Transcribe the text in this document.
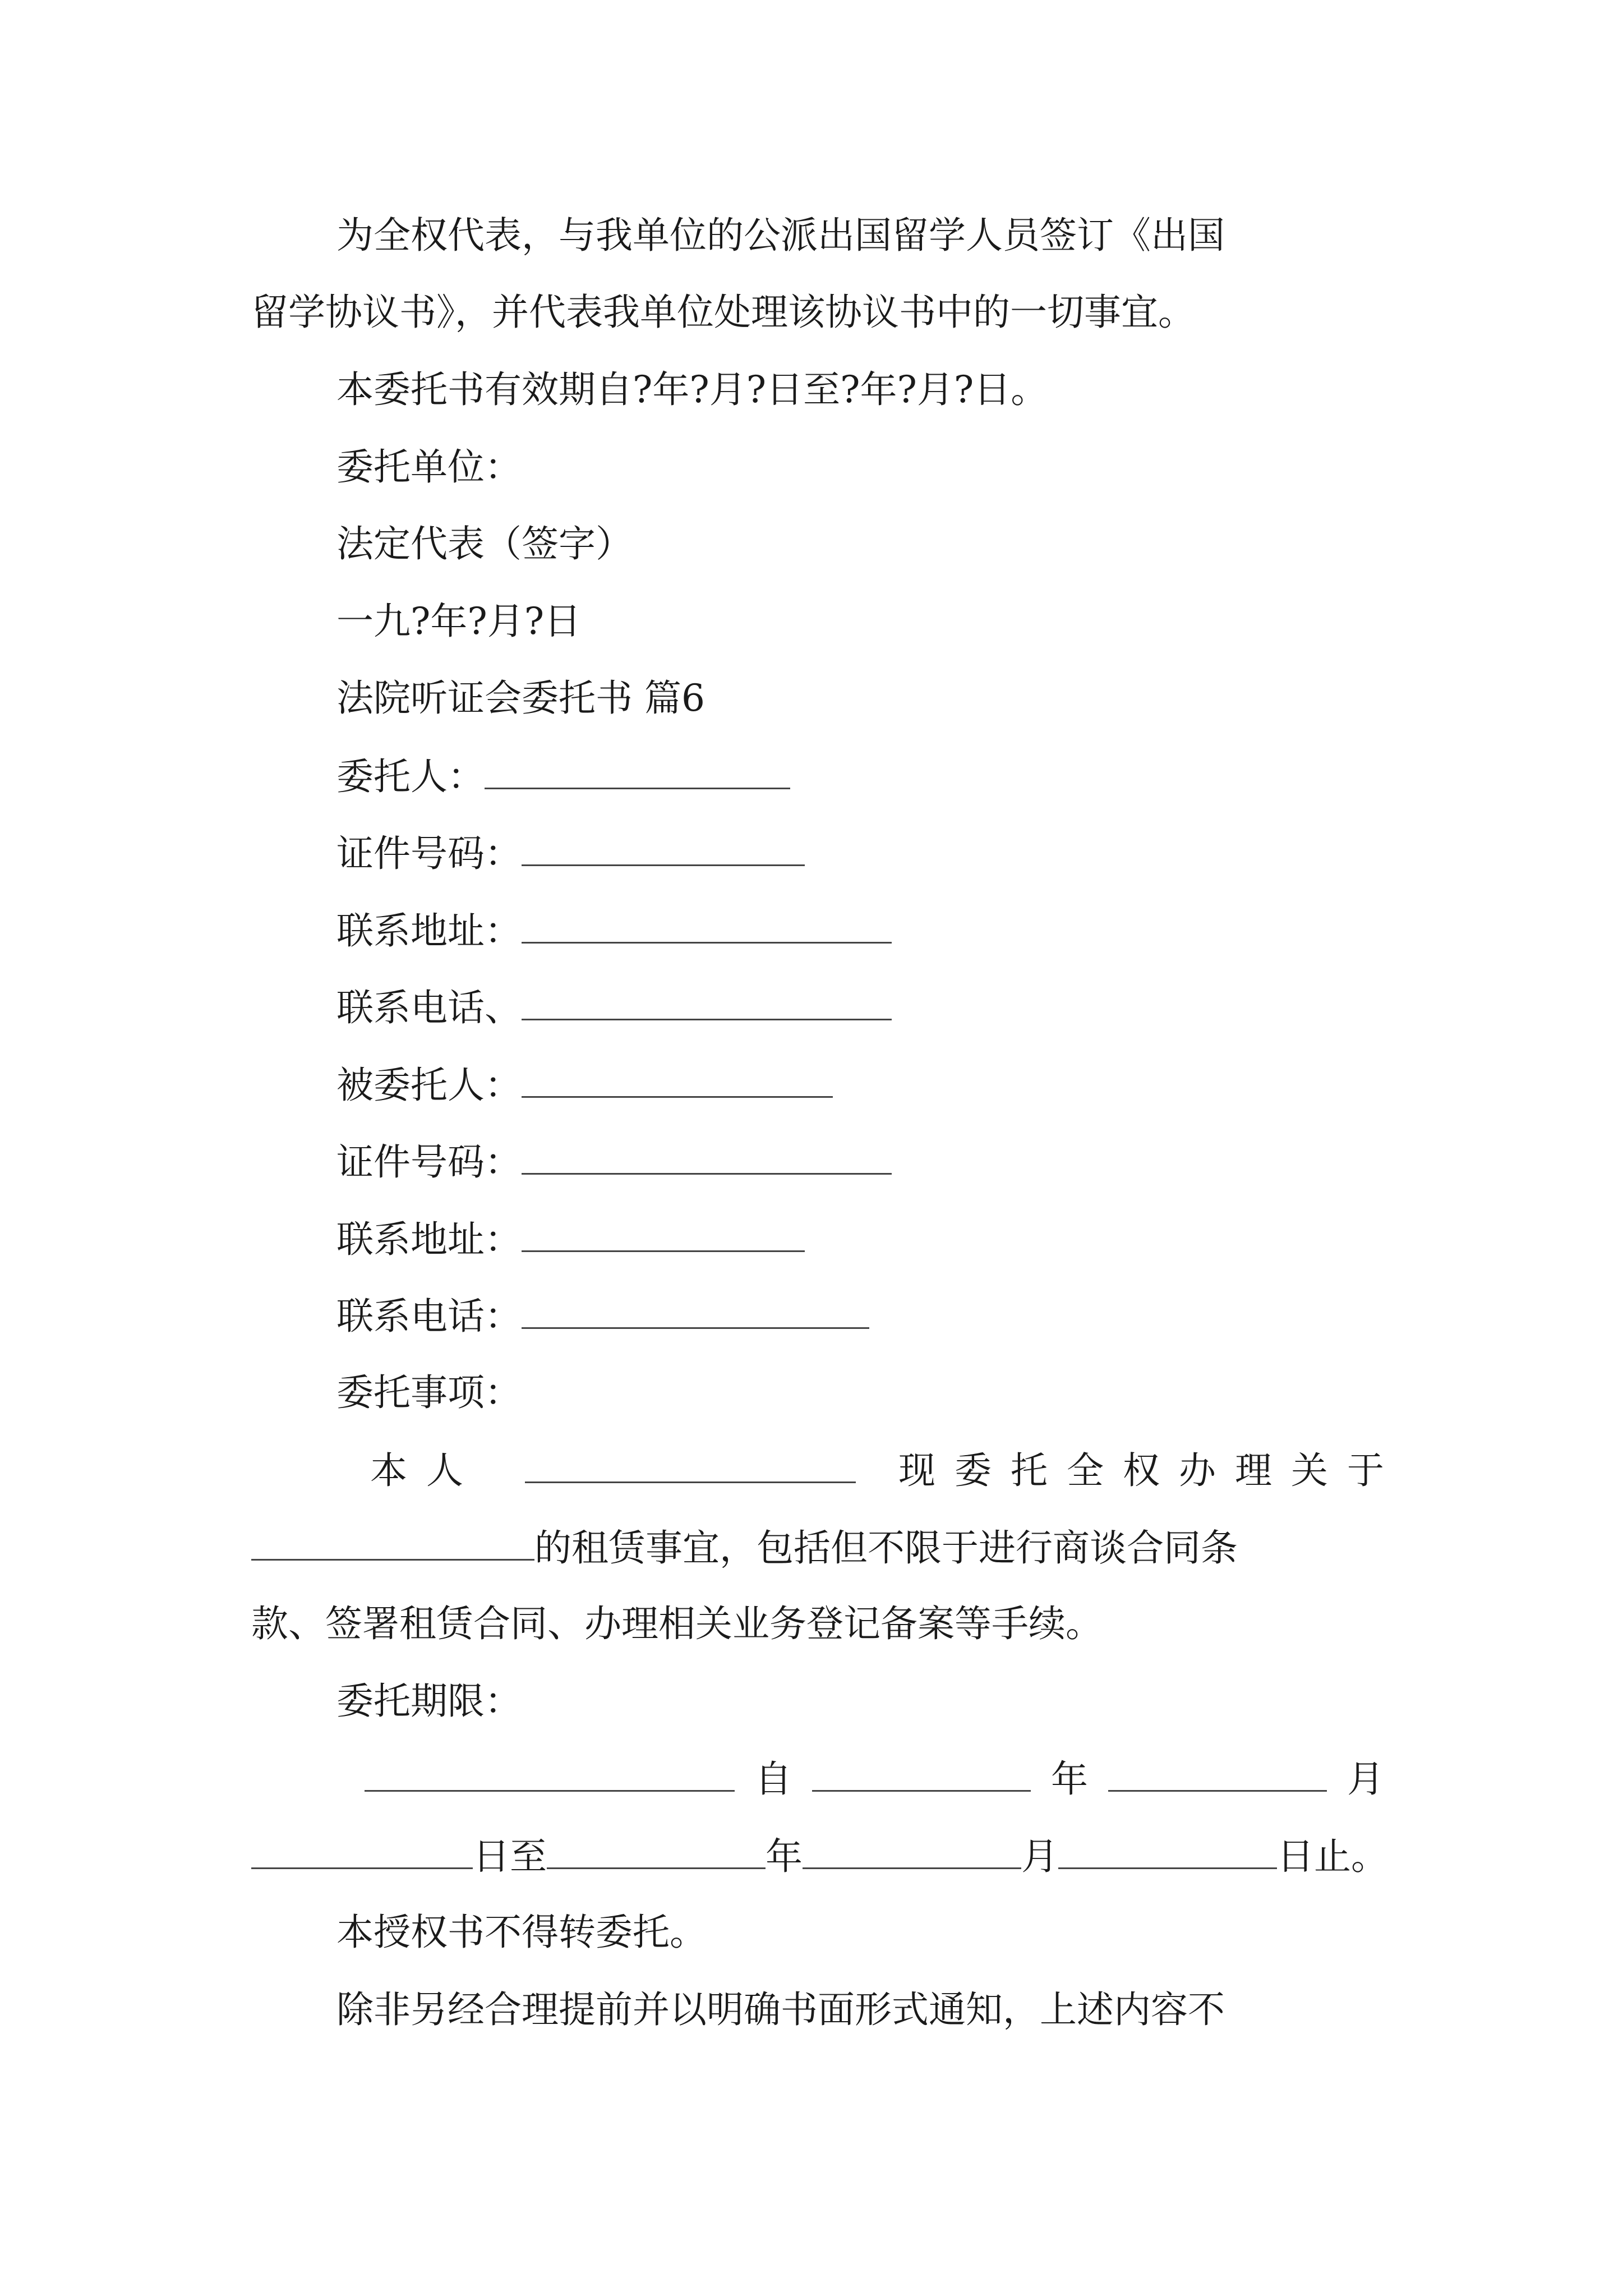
为全权代表，与我单位的公派出国留学人员签订《出国
留学协议书》，并代表我单位处理该协议书中的一切事宜。
本委托书有效期自?年?月?日至?年?月?日。
委托单位：
法定代表（签字）
一九?年?月?日
法院听证会委托书 篇6
委托人：
证件号码：
联系地址：
联系电话、
被委托人：
证件号码：
联系地址：
联系电话：
委托事项：
本人	现委托全权办理关于
的租赁事宜，包括但不限于进行商谈合同条
款、签署租赁合同、办理相关业务登记备案等手续。
委托期限：
自	年	月
日至	年	月	日止。
本授权书不得转委托。
除非另经合理提前并以明确书面形式通知，上述内容不
